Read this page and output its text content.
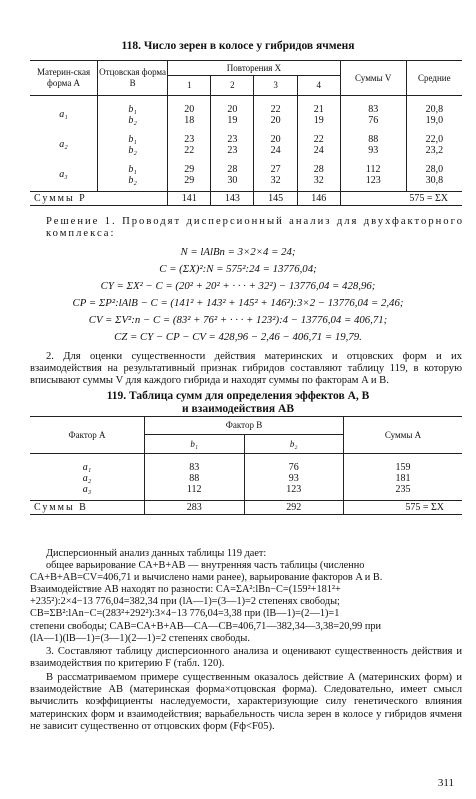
118. Число зерен в колосе у гибридов ячменя
Материн-ская форма А	Отцовская форма В	Повторения X				Суммы V	Средние
		1	2	3	4		

a₁	b₁	20	20	22	21	83	20,8
	b₂	18	19	20	19	76	19,0

a₂	b₁	23	23	20	22	88	22,0
	b₂	22	23	24	24	93	23,2

a₃	b₁	29	28	27	28	112	28,0
	b₂	29	30	32	32	123	30,8

Суммы P		141	143	145	146	575 = ΣX	
Решение 1. Проводят дисперсионный анализ для двухфакторного комплекса:
N = lAlBn = 3×2×4 = 24;
C = (ΣX)²:N = 575²:24 = 13776,04;
CY = ΣX² − C = (20² + 20² + · · · + 32²) − 13776,04 = 428,96;
CP = ΣP²:lAlB − C = (141² + 143² + 145² + 146²):3×2 − 13776,04 = 2,46;
CV = ΣV²:n − C = (83² + 76² + · · · + 123²):4 − 13776,04 = 406,71;
CZ = CY − CP − CV = 428,96 − 2,46 − 406,71 = 19,79.
2. Для оценки существенности действия материнских и отцовских форм и их взаимодействия на результативный признак гибридов составляют таблицу 119, в которую вписывают суммы V для каждого гибрида и находят суммы по факторам A и B.
119. Таблица сумм для определения эффектов А, В
и взаимодействия АВ
Фактор А	Фактор В		Суммы А
	b₁	b₂	

a₁	83	76	159
a₂	88	93	181
a₃	112	123	235

Суммы В	283	292	575 = ΣX
Дисперсионный анализ данных таблицы 119 дает:
общее варьирование CA+B+AB — внутренняя часть таблицы (численно
CA+B+AB=CV=406,71 и вычислено нами ранее), варьирование факторов A и B.
Взаимодействие AB находят по разности: CA=ΣA²:lBn−C=(159²+181²+
+235²):2×4−13 776,04=382,34 при (lA—1)=(3—1)=2 степенях свободы;
CB=ΣB²:lAn−C=(283²+292²):3×4−13 776,04=3,38 при (lB—1)=(2—1)=1
степени свободы; CAB=CA+B+AB—CA—CB=406,71—382,34—3,38=20,99 при
(lA—1)(lB—1)=(3—1)(2—1)=2 степенях свободы.
3. Составляют таблицу дисперсионного анализа и оценивают существенность действия и взаимодействия по критерию F (табл. 120).
В рассматриваемом примере существенным оказалось действие A (материнских форм) и взаимодействие AB (материнская форма×отцовская форма). Следовательно, имеет смысл вычислить коэффициенты наследуемости, характеризующие силу генетического влияния материнских форм и взаимодействия; варьабельность числа зерен в колосе у гибридов ячменя не зависит существенно от отцовских форм (Fф<F05).
311
